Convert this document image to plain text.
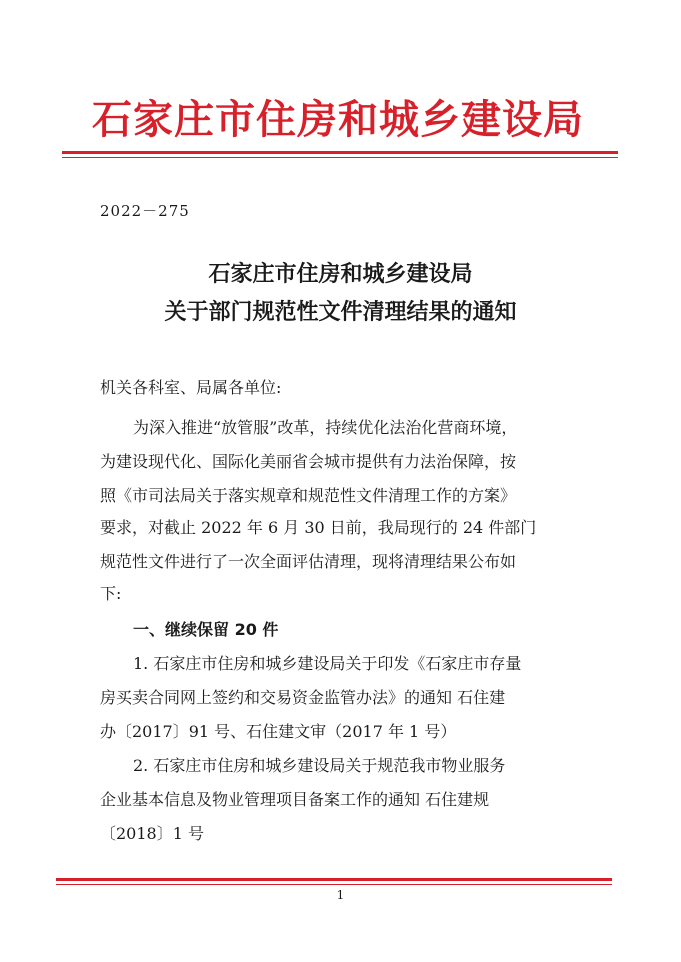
石家庄市住房和城乡建设局
2022－275
石家庄市住房和城乡建设局
关于部门规范性文件清理结果的通知
机关各科室、局属各单位:
为深入推进“放管服”改革，持续优化法治化营商环境，
为建设现代化、国际化美丽省会城市提供有力法治保障，按
照《市司法局关于落实规章和规范性文件清理工作的方案》
要求，对截止 2022 年 6 月 30 日前，我局现行的 24 件部门
规范性文件进行了一次全面评估清理，现将清理结果公布如
下:
一、继续保留 20 件
1. 石家庄市住房和城乡建设局关于印发《石家庄市存量
房买卖合同网上签约和交易资金监管办法》的通知 石住建
办〔2017〕91 号、石住建文审（2017 年 1 号）
2. 石家庄市住房和城乡建设局关于规范我市物业服务
企业基本信息及物业管理项目备案工作的通知 石住建规
〔2018〕1 号
1
